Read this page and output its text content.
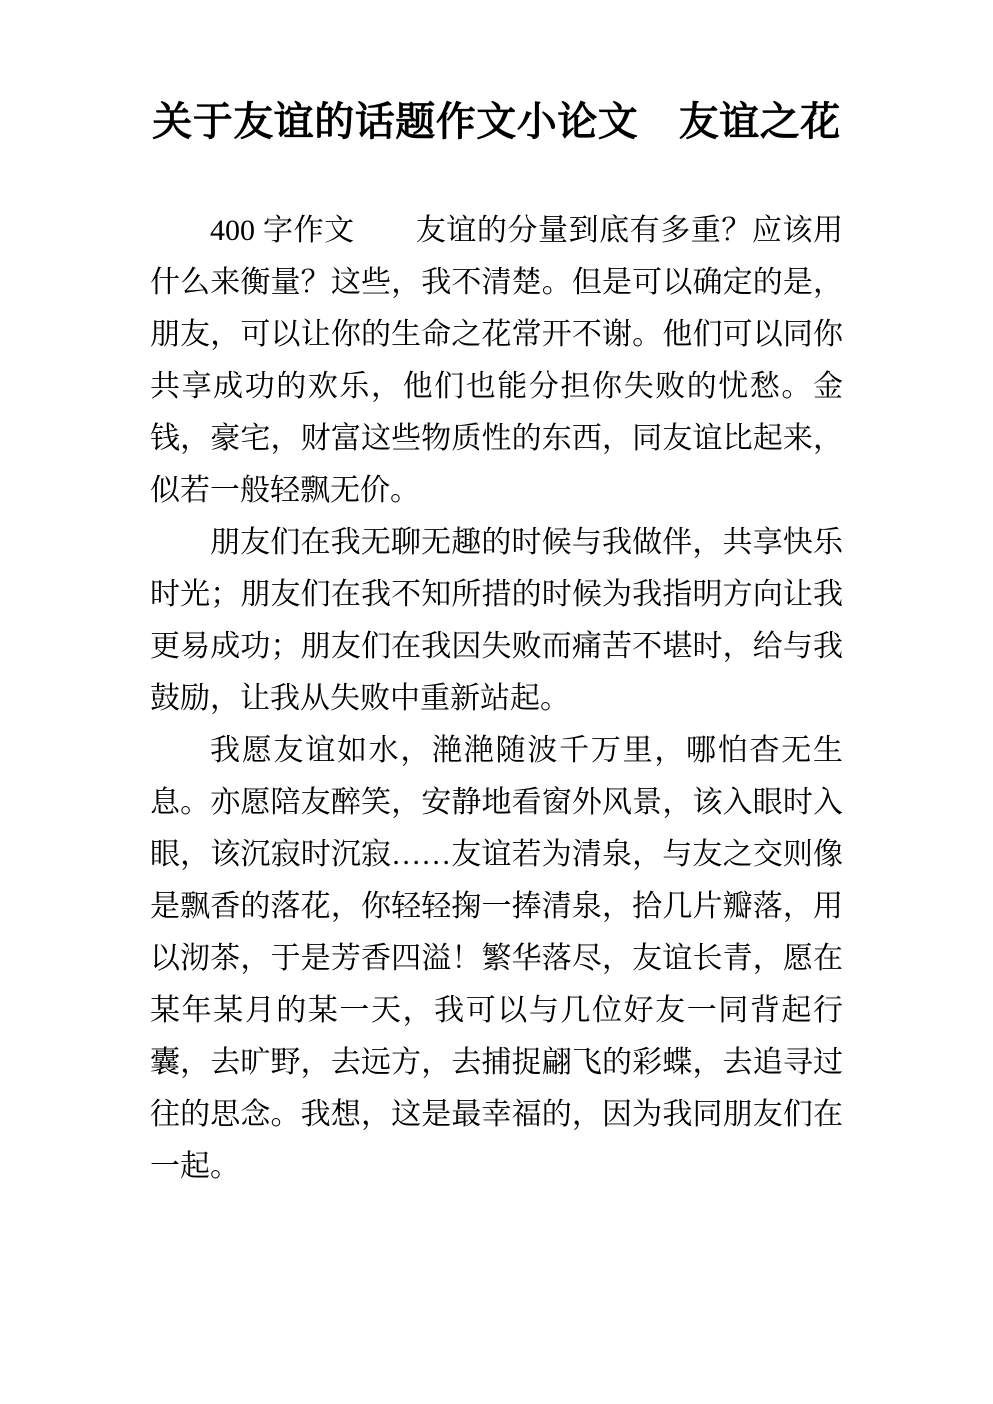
关于友谊的话题作文小论文　友谊之花

400 字作文　　友谊的分量到底有多重？应该用什么来衡量？这些，我不清楚。但是可以确定的是，朋友，可以让你的生命之花常开不谢。他们可以同你共享成功的欢乐，他们也能分担你失败的忧愁。金钱，豪宅，财富这些物质性的东西，同友谊比起来，似若一般轻飘无价。

朋友们在我无聊无趣的时候与我做伴，共享快乐时光；朋友们在我不知所措的时候为我指明方向让我更易成功；朋友们在我因失败而痛苦不堪时，给与我鼓励，让我从失败中重新站起。

我愿友谊如水，滟滟随波千万里，哪怕杳无生息。亦愿陪友醉笑，安静地看窗外风景，该入眼时入眼，该沉寂时沉寂……友谊若为清泉，与友之交则像是飘香的落花，你轻轻掬一捧清泉，拾几片瓣落，用以沏茶，于是芳香四溢！繁华落尽，友谊长青，愿在某年某月的某一天，我可以与几位好友一同背起行囊，去旷野，去远方，去捕捉翩飞的彩蝶，去追寻过往的思念。我想，这是最幸福的，因为我同朋友们在一起。
